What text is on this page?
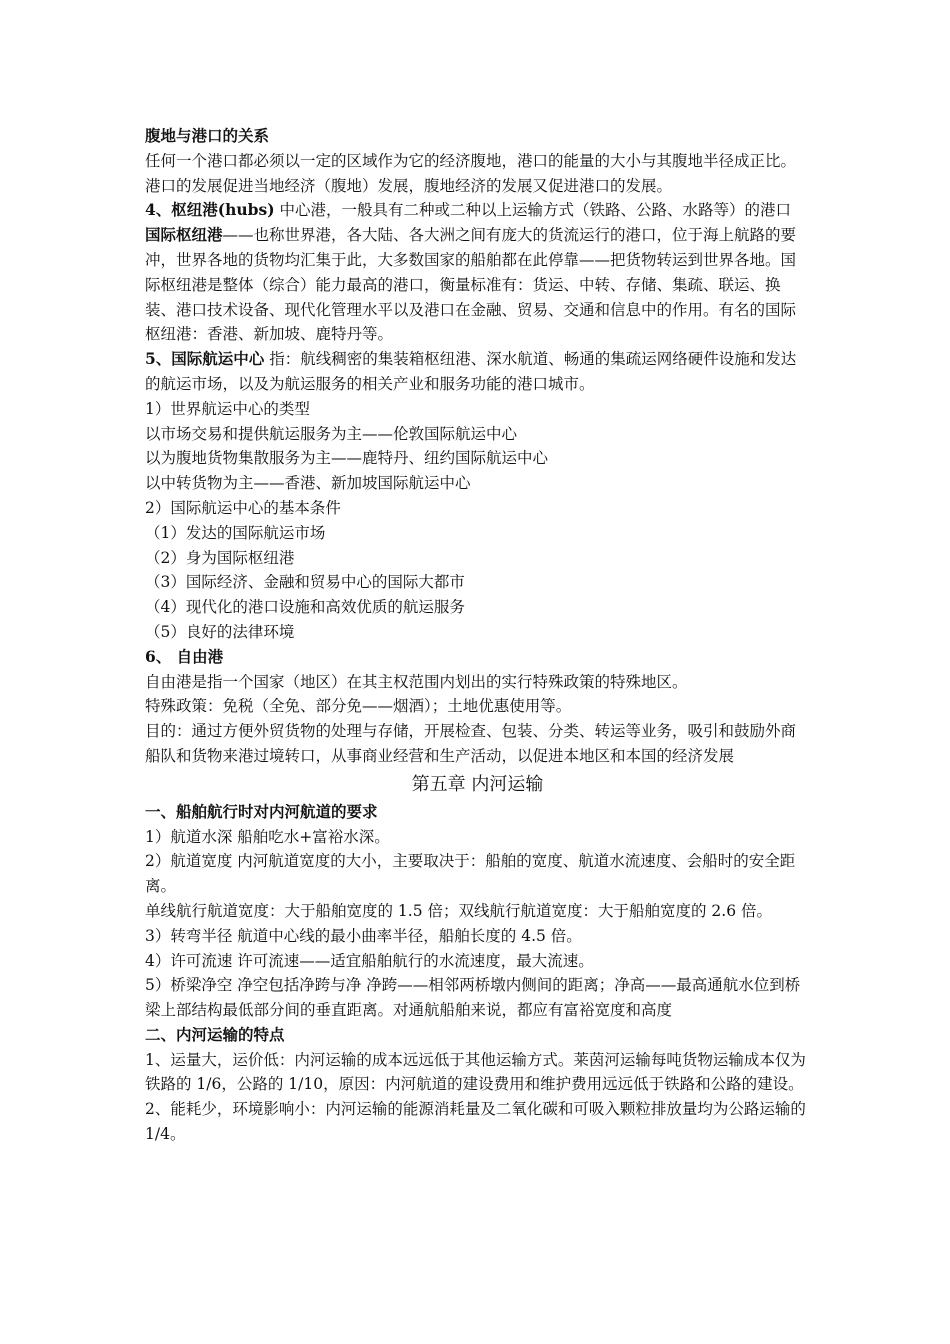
腹地与港口的关系

任何一个港口都必须以一定的区域作为它的经济腹地，港口的能量的大小与其腹地半径成正比。港口的发展促进当地经济（腹地）发展，腹地经济的发展又促进港口的发展。

4、枢纽港(hubs) 中心港，一般具有二种或二种以上运输方式（铁路、公路、水路等）的港口

国际枢纽港——也称世界港，各大陆、各大洲之间有庞大的货流运行的港口，位于海上航路的要冲，世界各地的货物均汇集于此，大多数国家的船舶都在此停靠——把货物转运到世界各地。国际枢纽港是整体（综合）能力最高的港口，衡量标准有：货运、中转、存储、集疏、联运、换装、港口技术设备、现代化管理水平以及港口在金融、贸易、交通和信息中的作用。有名的国际枢纽港：香港、新加坡、鹿特丹等。

5、国际航运中心 指：航线稠密的集装箱枢纽港、深水航道、畅通的集疏运网络硬件设施和发达的航运市场，以及为航运服务的相关产业和服务功能的港口城市。

1）世界航运中心的类型

以市场交易和提供航运服务为主——伦敦国际航运中心

以为腹地货物集散服务为主——鹿特丹、纽约国际航运中心

以中转货物为主——香港、新加坡国际航运中心

2）国际航运中心的基本条件

（1）发达的国际航运市场

（2）身为国际枢纽港

（3）国际经济、金融和贸易中心的国际大都市

（4）现代化的港口设施和高效优质的航运服务

（5）良好的法律环境

6、 自由港

自由港是指一个国家（地区）在其主权范围内划出的实行特殊政策的特殊地区。

特殊政策：免税（全免、部分免——烟酒）；土地优惠使用等。

目的：通过方便外贸货物的处理与存储，开展检查、包装、分类、转运等业务，吸引和鼓励外商船队和货物来港过境转口，从事商业经营和生产活动，以促进本地区和本国的经济发展

第五章 内河运输

一、船舶航行时对内河航道的要求

1）航道水深 船舶吃水+富裕水深。

2）航道宽度 内河航道宽度的大小，主要取决于：船舶的宽度、航道水流速度、会船时的安全距离。

单线航行航道宽度：大于船舶宽度的 1.5 倍；双线航行航道宽度：大于船舶宽度的 2.6 倍。

3）转弯半径 航道中心线的最小曲率半径，船舶长度的 4.5 倍。

4）许可流速 许可流速——适宜船舶航行的水流速度，最大流速。

5）桥梁净空 净空包括净跨与净 净跨——相邻两桥墩内侧间的距离；净高——最高通航水位到桥梁上部结构最低部分间的垂直距离。对通航船舶来说，都应有富裕宽度和高度

二、内河运输的特点

1、运量大，运价低：内河运输的成本远远低于其他运输方式。莱茵河运输每吨货物运输成本仅为铁路的 1/6，公路的 1/10，原因：内河航道的建设费用和维护费用远远低于铁路和公路的建设。

2、能耗少，环境影响小：内河运输的能源消耗量及二氧化碳和可吸入颗粒排放量均为公路运输的 1/4。
